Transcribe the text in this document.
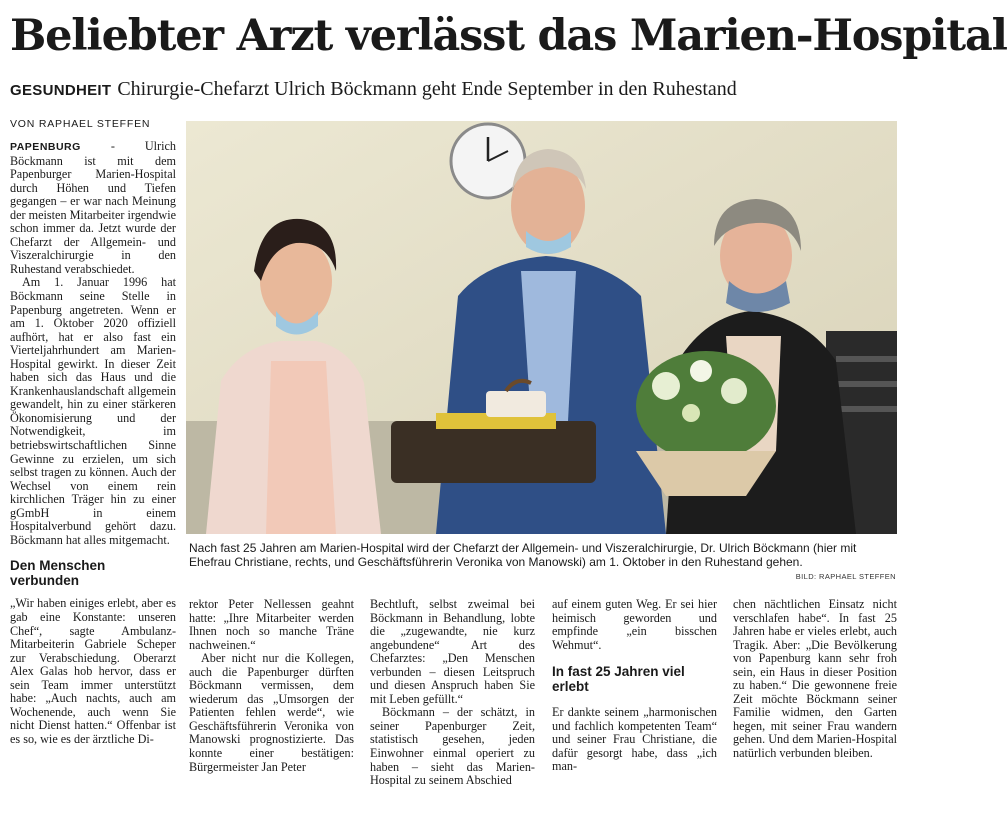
Beliebter Arzt verlässt das Marien-Hospital
GESUNDHEIT Chirurgie-Chefarzt Ulrich Böckmann geht Ende September in den Ruhestand
VON RAPHAEL STEFFEN

PAPENBURG - Ulrich Böckmann ist mit dem Papenburger Marien-Hospital durch Höhen und Tiefen gegangen – er war nach Meinung der meisten Mitarbeiter irgendwie schon immer da. Jetzt wurde der Chefarzt der Allgemein- und Viszeralchirurgie in den Ruhestand verabschiedet.

Am 1. Januar 1996 hat Böckmann seine Stelle in Papenburg angetreten. Wenn er am 1. Oktober 2020 offiziell aufhört, hat er also fast ein Vierteljahrhundert am Marien-Hospital gewirkt. In dieser Zeit haben sich das Haus und die Krankenhauslandschaft allgemein gewandelt, hin zu einer stärkeren Ökonomisierung und der Notwendigkeit, im betriebswirtschaftlichen Sinne Gewinne zu erzielen, um sich selbst tragen zu können. Auch der Wechsel von einem rein kirchlichen Träger hin zu einer gGmbH in einem Hospitalverbund gehört dazu. Böckmann hat alles mitgemacht.

Den Menschen verbunden

„Wir haben einiges erlebt, aber es gab eine Konstante: unseren Chef“, sagte Ambulanz-Mitarbeiterin Gabriele Scheper zur Verabschiedung. Oberarzt Alex Galas hob hervor, dass er sein Team immer unterstützt habe: „Auch nachts, auch am Wochenende, auch wenn Sie nicht Dienst hatten.“ Offenbar ist es so, wie es der ärztliche Di-

Nach fast 25 Jahren am Marien-Hospital wird der Chefarzt der Allgemein- und Viszeralchirurgie, Dr. Ulrich Böckmann (hier mit Ehefrau Christiane, rechts, und Geschäftsführerin Veronika von Manowski) am 1. Oktober in den Ruhestand gehen.
BILD: RAPHAEL STEFFEN

rektor Peter Nellessen geahnt hatte: „Ihre Mitarbeiter werden Ihnen noch so manche Träne nachweinen.“

Aber nicht nur die Kollegen, auch die Papenburger dürften Böckmann vermissen, dem wiederum das „Umsorgen der Patienten fehlen werde“, wie Geschäftsführerin Veronika von Manowski prognostizierte. Das konnte einer bestätigen: Bürgermeister Jan Peter

Bechtluft, selbst zweimal bei Böckmann in Behandlung, lobte die „zugewandte, nie kurz angebundene“ Art des Chefarztes: „Den Menschen verbunden – diesen Leitspruch und diesen Anspruch haben Sie mit Leben gefüllt.“

Böckmann – der schätzt, in seiner Papenburger Zeit, statistisch gesehen, jeden Einwohner einmal operiert zu haben – sieht das Marien-Hospital zu seinem Abschied

auf einem guten Weg. Er sei hier heimisch geworden und empfinde „ein bisschen Wehmut“.

In fast 25 Jahren viel erlebt

Er dankte seinem „harmonischen und fachlich kompetenten Team“ und seiner Frau Christiane, die dafür gesorgt habe, dass „ich man-

chen nächtlichen Einsatz nicht verschlafen habe“. In fast 25 Jahren habe er vieles erlebt, auch Tragik. Aber: „Die Bevölkerung von Papenburg kann sehr froh sein, ein Haus in dieser Position zu haben.“ Die gewonnene freie Zeit möchte Böckmann seiner Familie widmen, den Garten hegen, mit seiner Frau wandern gehen. Und dem Marien-Hospital natürlich verbunden bleiben.
